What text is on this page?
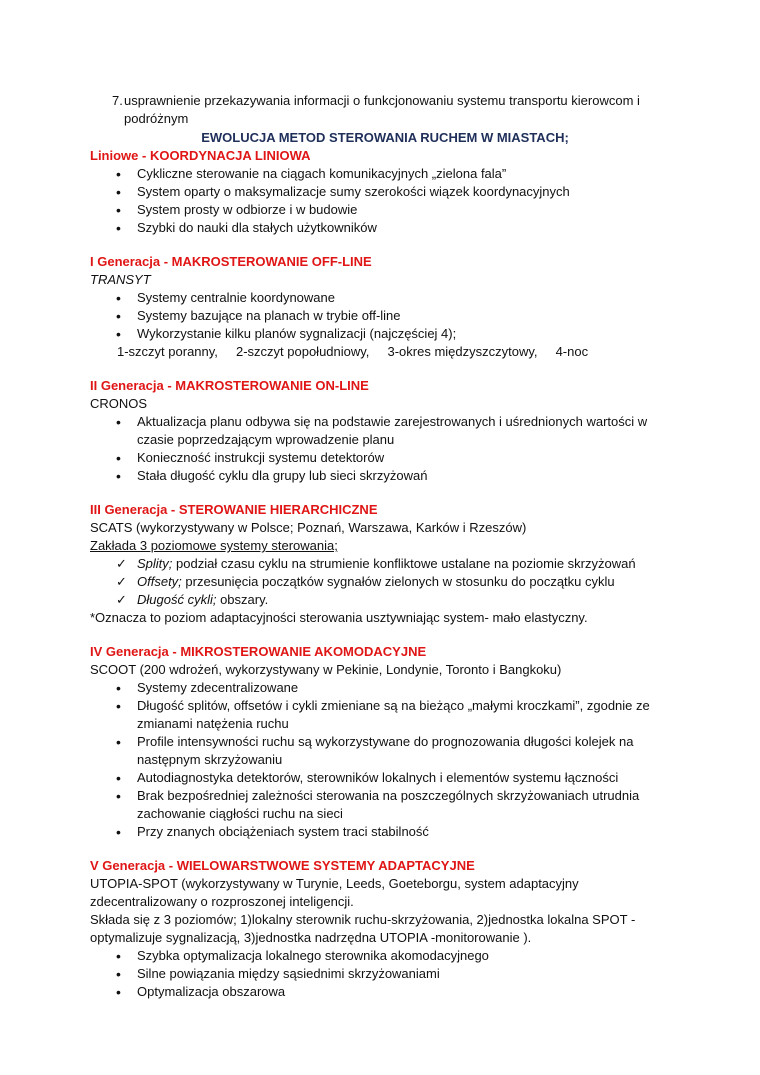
7. usprawnienie przekazywania informacji o funkcjonowaniu systemu transportu kierowcom i podróżnym
EWOLUCJA METOD STEROWANIA RUCHEM W MIASTACH;
Liniowe - KOORDYNACJA LINIOWA
• Cykliczne sterowanie na ciągach komunikacyjnych „zielona fala”
• System oparty o maksymalizacje sumy szerokości wiązek koordynacyjnych
• System prosty w odbiorze i w budowie
• Szybki do nauki dla stałych użytkowników
I Generacja - MAKROSTEROWANIE OFF-LINE
TRANSYT
• Systemy centralnie koordynowane
• Systemy bazujące na planach w trybie off-line
• Wykorzystanie kilku planów sygnalizacji (najczęściej 4);
1-szczyt poranny, 2-szczyt popołudniowy, 3-okres międzyszczytowy, 4-noc
II Generacja - MAKROSTEROWANIE ON-LINE
CRONOS
• Aktualizacja planu odbywa się na podstawie zarejestrowanych i uśrednionych wartości w czasie poprzedzającym wprowadzenie planu
• Konieczność instrukcji systemu detektorów
• Stała długość cyklu dla grupy lub sieci skrzyżowań
III Generacja - STEROWANIE HIERARCHICZNE
SCATS (wykorzystywany w Polsce; Poznań, Warszawa, Karków i Rzeszów)
Zakłada 3 poziomowe systemy sterowania;
✓ Splity; podział czasu cyklu na strumienie konfliktowe ustalane na poziomie skrzyżowań
✓ Offsety; przesunięcia początków sygnałów zielonych w stosunku do początku cyklu
✓ Długość cykli; obszary.
*Oznacza to poziom adaptacyjności sterowania usztywniając system- mało elastyczny.
IV Generacja - MIKROSTEROWANIE AKOMODACYJNE
SCOOT (200 wdrożeń, wykorzystywany w Pekinie, Londynie, Toronto i Bangkoku)
• Systemy zdecentralizowane
• Długość splitów, offsetów i cykli zmieniane są na bieżąco „małymi kroczkami”, zgodnie ze zmianami natężenia ruchu
• Profile intensywności ruchu są wykorzystywane do prognozowania długości kolejek na następnym skrzyżowaniu
• Autodiagnostyka detektorów, sterowników lokalnych i elementów systemu łączności
• Brak bezpośredniej zależności sterowania na poszczególnych skrzyżowaniach utrudnia zachowanie ciągłości ruchu na sieci
• Przy znanych obciążeniach system traci stabilność
V Generacja - WIELOWARSTWOWE SYSTEMY ADAPTACYJNE
UTOPIA-SPOT (wykorzystywany w Turynie, Leeds, Goeteborgu, system adaptacyjny zdecentralizowany o rozproszonej inteligencji.
Składa się z 3 poziomów; 1)lokalny sterownik ruchu-skrzyżowania, 2)jednostka lokalna SPOT - optymalizuje sygnalizacją, 3)jednostka nadrzędna UTOPIA -monitorowanie ).
• Szybka optymalizacja lokalnego sterownika akomodacyjnego
• Silne powiązania między sąsiednimi skrzyżowaniami
• Optymalizacja obszarowa
